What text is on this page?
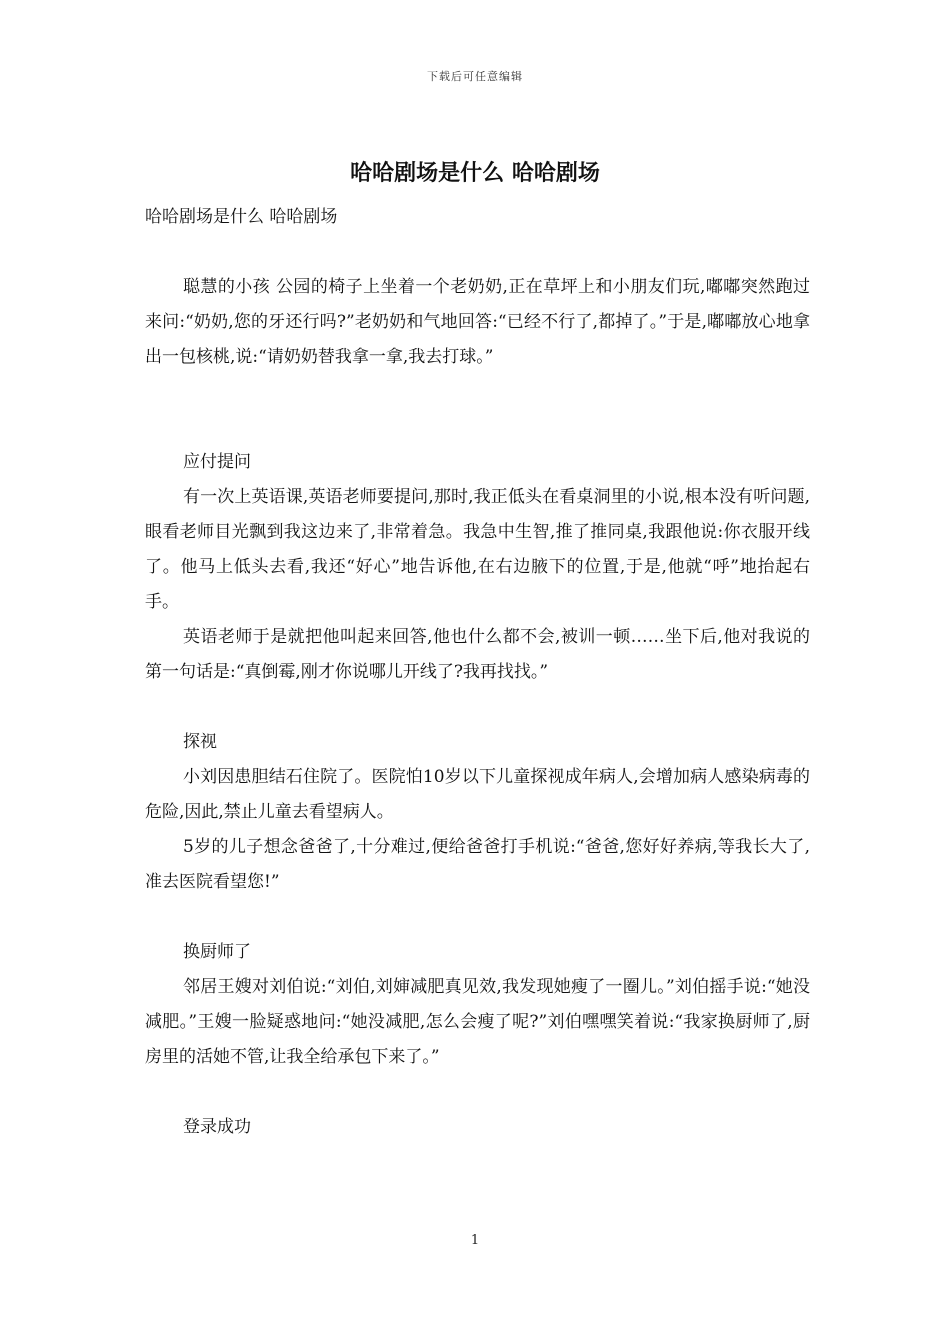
下载后可任意编辑
哈哈剧场是什么 哈哈剧场

哈哈剧场是什么 哈哈剧场

聪慧的小孩 公园的椅子上坐着一个老奶奶,正在草坪上和小朋友们玩,嘟嘟突然跑过来问:“奶奶,您的牙还行吗?”老奶奶和气地回答:“已经不行了,都掉了。”于是,嘟嘟放心地拿出一包核桃,说:“请奶奶替我拿一拿,我去打球。”

应付提问

有一次上英语课,英语老师要提问,那时,我正低头在看桌洞里的小说,根本没有听问题,眼看老师目光飘到我这边来了,非常着急。我急中生智,推了推同桌,我跟他说:你衣服开线了。他马上低头去看,我还“好心”地告诉他,在右边腋下的位置,于是,他就“呼”地抬起右手。

英语老师于是就把他叫起来回答,他也什么都不会,被训一顿……坐下后,他对我说的第一句话是:“真倒霉,刚才你说哪儿开线了?我再找找。”

探视

小刘因患胆结石住院了。医院怕10岁以下儿童探视成年病人,会增加病人感染病毒的危险,因此,禁止儿童去看望病人。

5岁的儿子想念爸爸了,十分难过,便给爸爸打手机说:“爸爸,您好好养病,等我长大了,准去医院看望您!”

换厨师了

邻居王嫂对刘伯说:“刘伯,刘婶减肥真见效,我发现她瘦了一圈儿。”刘伯摇手说:“她没减肥。”王嫂一脸疑惑地问:“她没减肥,怎么会瘦了呢?”刘伯嘿嘿笑着说:“我家换厨师了,厨房里的活她不管,让我全给承包下来了。”

登录成功

1
